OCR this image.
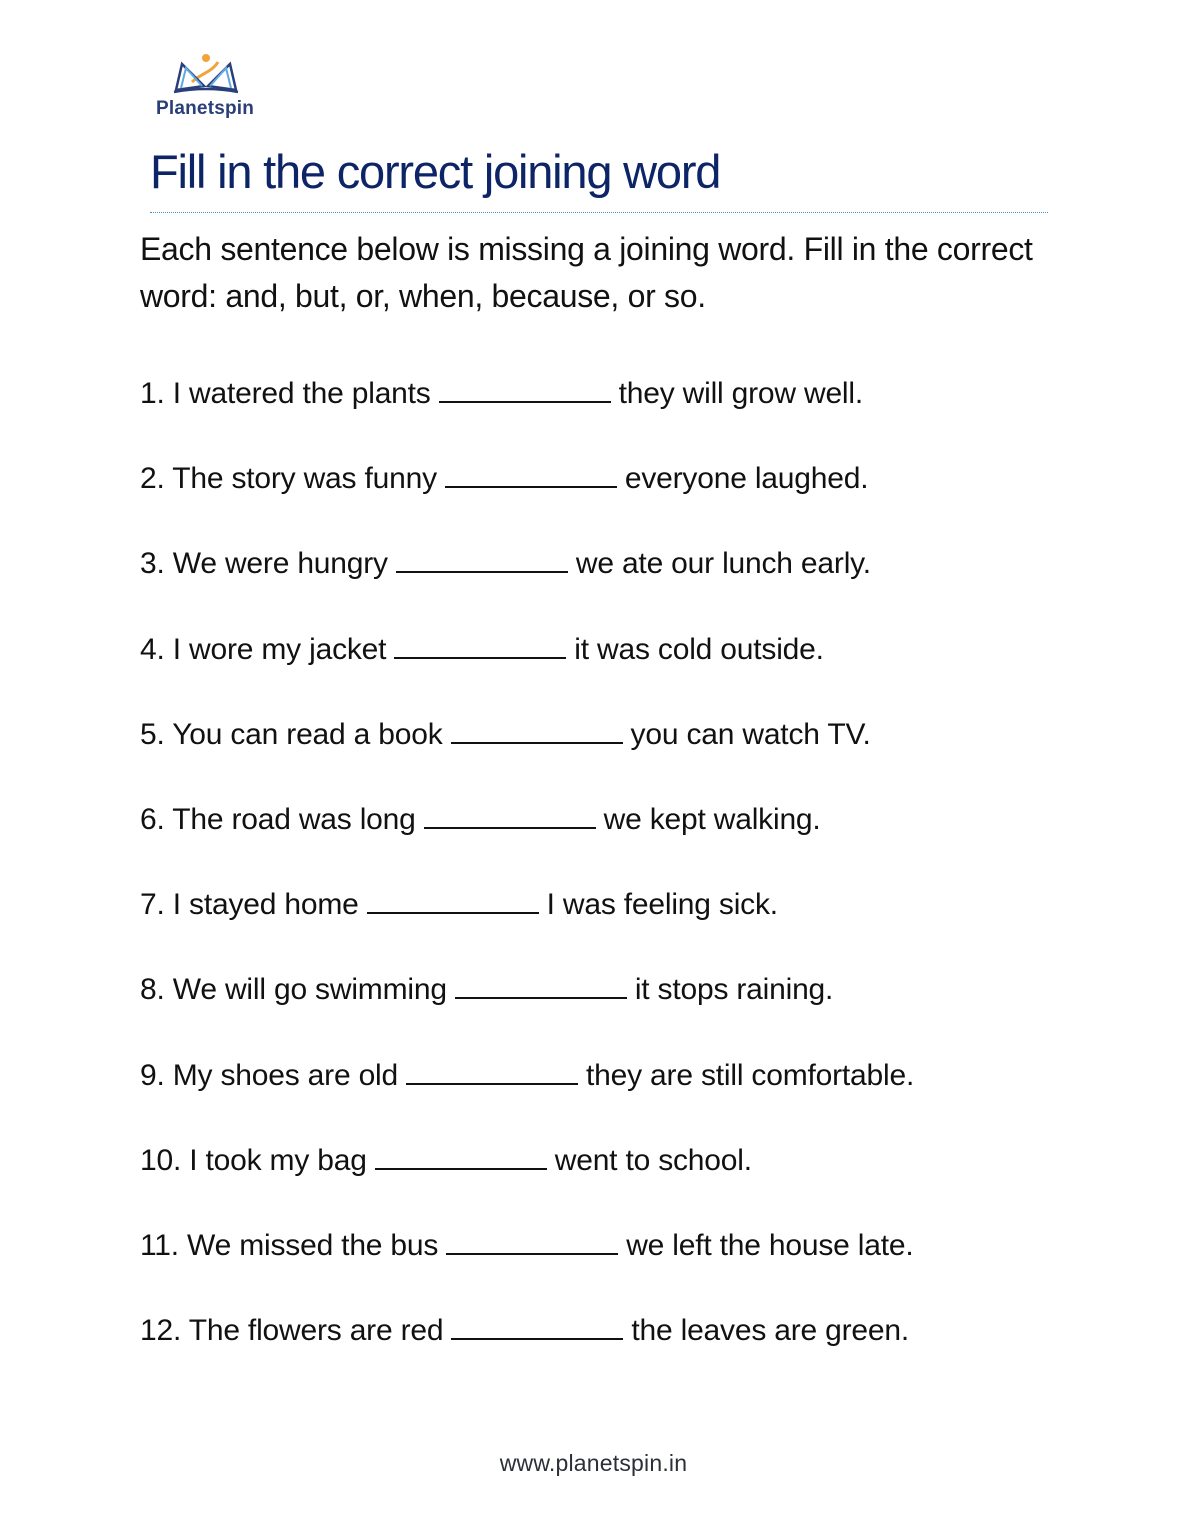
Planetspin
Fill in the correct joining word
Each sentence below is missing a joining word. Fill in the correct word: and, but, or, when, because, or so.
1. I watered the plants	they will grow well.
2. The story was funny	everyone laughed.
3. We were hungry	we ate our lunch early.
4. I wore my jacket	it was cold outside.
5. You can read a book	you can watch TV.
6. The road was long	we kept walking.
7. I stayed home	I was feeling sick.
8. We will go swimming	it stops raining.
9. My shoes are old	they are still comfortable.
10. I took my bag	went to school.
11. We missed the bus	we left the house late.
12. The flowers are red	the leaves are green.
www.planetspin.in
